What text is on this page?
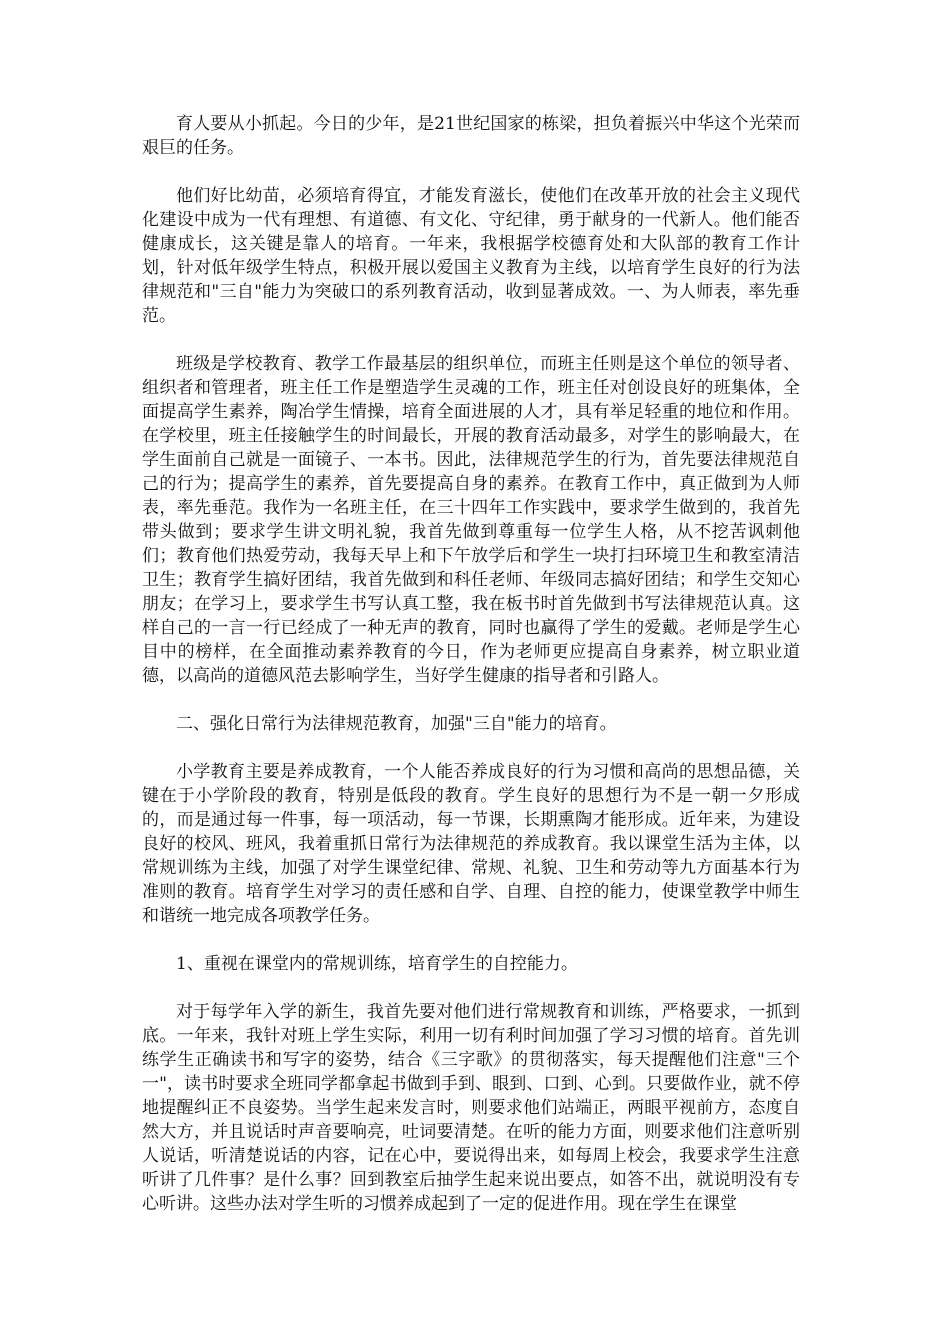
育人要从小抓起。今日的少年，是21世纪国家的栋梁，担负着振兴中华这个光荣而艰巨的任务。

他们好比幼苗，必须培育得宜，才能发育滋长，使他们在改革开放的社会主义现代化建设中成为一代有理想、有道德、有文化、守纪律，勇于献身的一代新人。他们能否健康成长，这关键是靠人的培育。一年来，我根据学校德育处和大队部的教育工作计划，针对低年级学生特点，积极开展以爱国主义教育为主线，以培育学生良好的行为法律规范和"三自"能力为突破口的系列教育活动，收到显著成效。一、为人师表，率先垂范。

班级是学校教育、教学工作最基层的组织单位，而班主任则是这个单位的领导者、组织者和管理者，班主任工作是塑造学生灵魂的工作，班主任对创设良好的班集体，全面提高学生素养，陶冶学生情操，培育全面进展的人才，具有举足轻重的地位和作用。在学校里，班主任接触学生的时间最长，开展的教育活动最多，对学生的影响最大，在学生面前自己就是一面镜子、一本书。因此，法律规范学生的行为，首先要法律规范自己的行为；提高学生的素养，首先要提高自身的素养。在教育工作中，真正做到为人师表，率先垂范。我作为一名班主任，在三十四年工作实践中，要求学生做到的，我首先带头做到；要求学生讲文明礼貌，我首先做到尊重每一位学生人格，从不挖苦讽刺他们；教育他们热爱劳动，我每天早上和下午放学后和学生一块打扫环境卫生和教室清洁卫生；教育学生搞好团结，我首先做到和科任老师、年级同志搞好团结；和学生交知心朋友；在学习上，要求学生书写认真工整，我在板书时首先做到书写法律规范认真。这样自己的一言一行已经成了一种无声的教育，同时也赢得了学生的爱戴。老师是学生心目中的榜样，在全面推动素养教育的今日，作为老师更应提高自身素养，树立职业道德，以高尚的道德风范去影响学生，当好学生健康的指导者和引路人。

二、强化日常行为法律规范教育，加强"三自"能力的培育。

小学教育主要是养成教育，一个人能否养成良好的行为习惯和高尚的思想品德，关键在于小学阶段的教育，特别是低段的教育。学生良好的思想行为不是一朝一夕形成的，而是通过每一件事，每一项活动，每一节课，长期熏陶才能形成。近年来，为建设良好的校风、班风，我着重抓日常行为法律规范的养成教育。我以课堂生活为主体，以常规训练为主线，加强了对学生课堂纪律、常规、礼貌、卫生和劳动等九方面基本行为准则的教育。培育学生对学习的责任感和自学、自理、自控的能力，使课堂教学中师生和谐统一地完成各项教学任务。

1、重视在课堂内的常规训练，培育学生的自控能力。

对于每学年入学的新生，我首先要对他们进行常规教育和训练，严格要求，一抓到底。一年来，我针对班上学生实际，利用一切有利时间加强了学习习惯的培育。首先训练学生正确读书和写字的姿势，结合《三字歌》的贯彻落实，每天提醒他们注意"三个一"，读书时要求全班同学都拿起书做到手到、眼到、口到、心到。只要做作业，就不停地提醒纠正不良姿势。当学生起来发言时，则要求他们站端正，两眼平视前方，态度自然大方，并且说话时声音要响亮，吐词要清楚。在听的能力方面，则要求他们注意听别人说话，听清楚说话的内容，记在心中，要说得出来，如每周上校会，我要求学生注意听讲了几件事？是什么事？回到教室后抽学生起来说出要点，如答不出，就说明没有专心听讲。这些办法对学生听的习惯养成起到了一定的促进作用。现在学生在课堂
